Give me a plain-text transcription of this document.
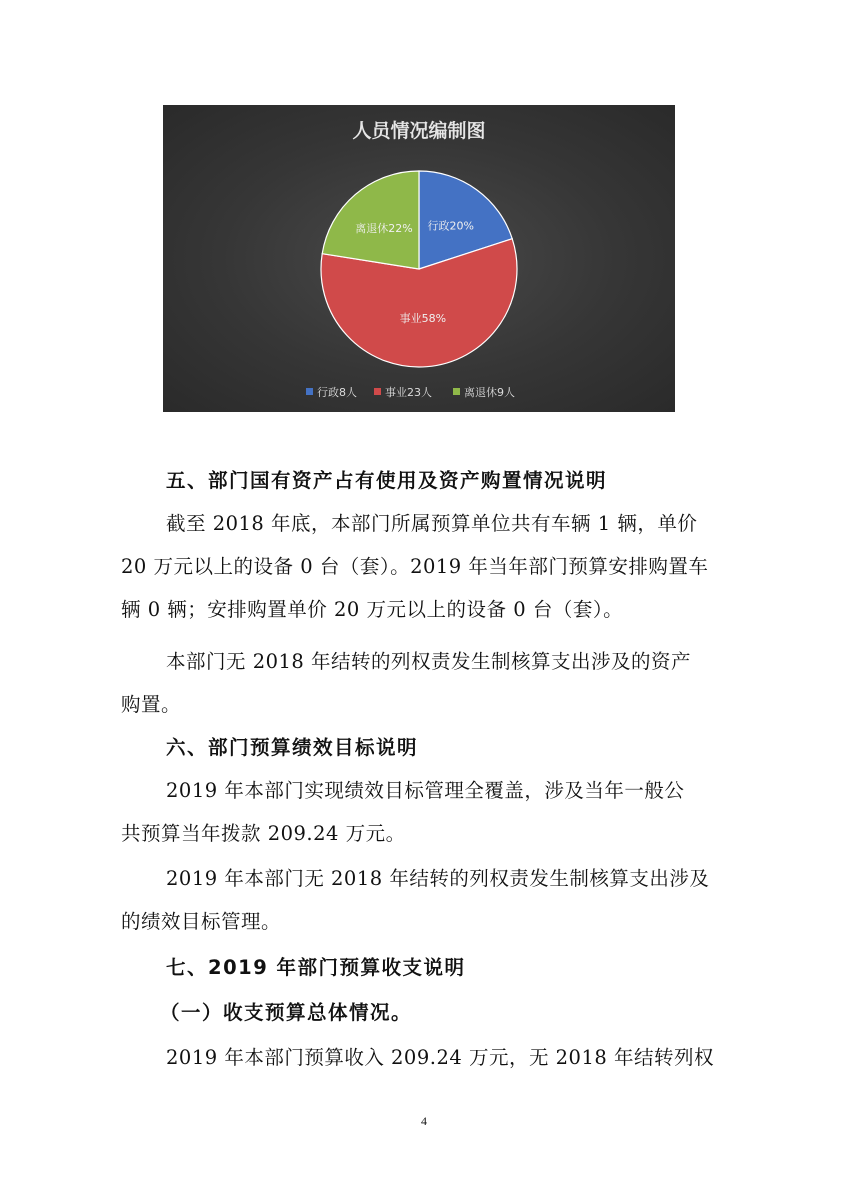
人员情况编制图
行政20%
事业58%
离退休22%
行政8人	事业23人	离退休9人

五、部门国有资产占有使用及资产购置情况说明

截至 2018 年底，本部门所属预算单位共有车辆 1 辆，单价

20 万元以上的设备 0 台（套）。2019 年当年部门预算安排购置车

辆 0 辆；安排购置单价 20 万元以上的设备 0 台（套）。

本部门无 2018 年结转的列权责发生制核算支出涉及的资产

购置。

六、部门预算绩效目标说明

2019 年本部门实现绩效目标管理全覆盖，涉及当年一般公

共预算当年拨款 209.24 万元。

2019 年本部门无 2018 年结转的列权责发生制核算支出涉及

的绩效目标管理。

七、2019 年部门预算收支说明

（一）收支预算总体情况。

2019 年本部门预算收入 209.24 万元，无 2018 年结转列权

4
